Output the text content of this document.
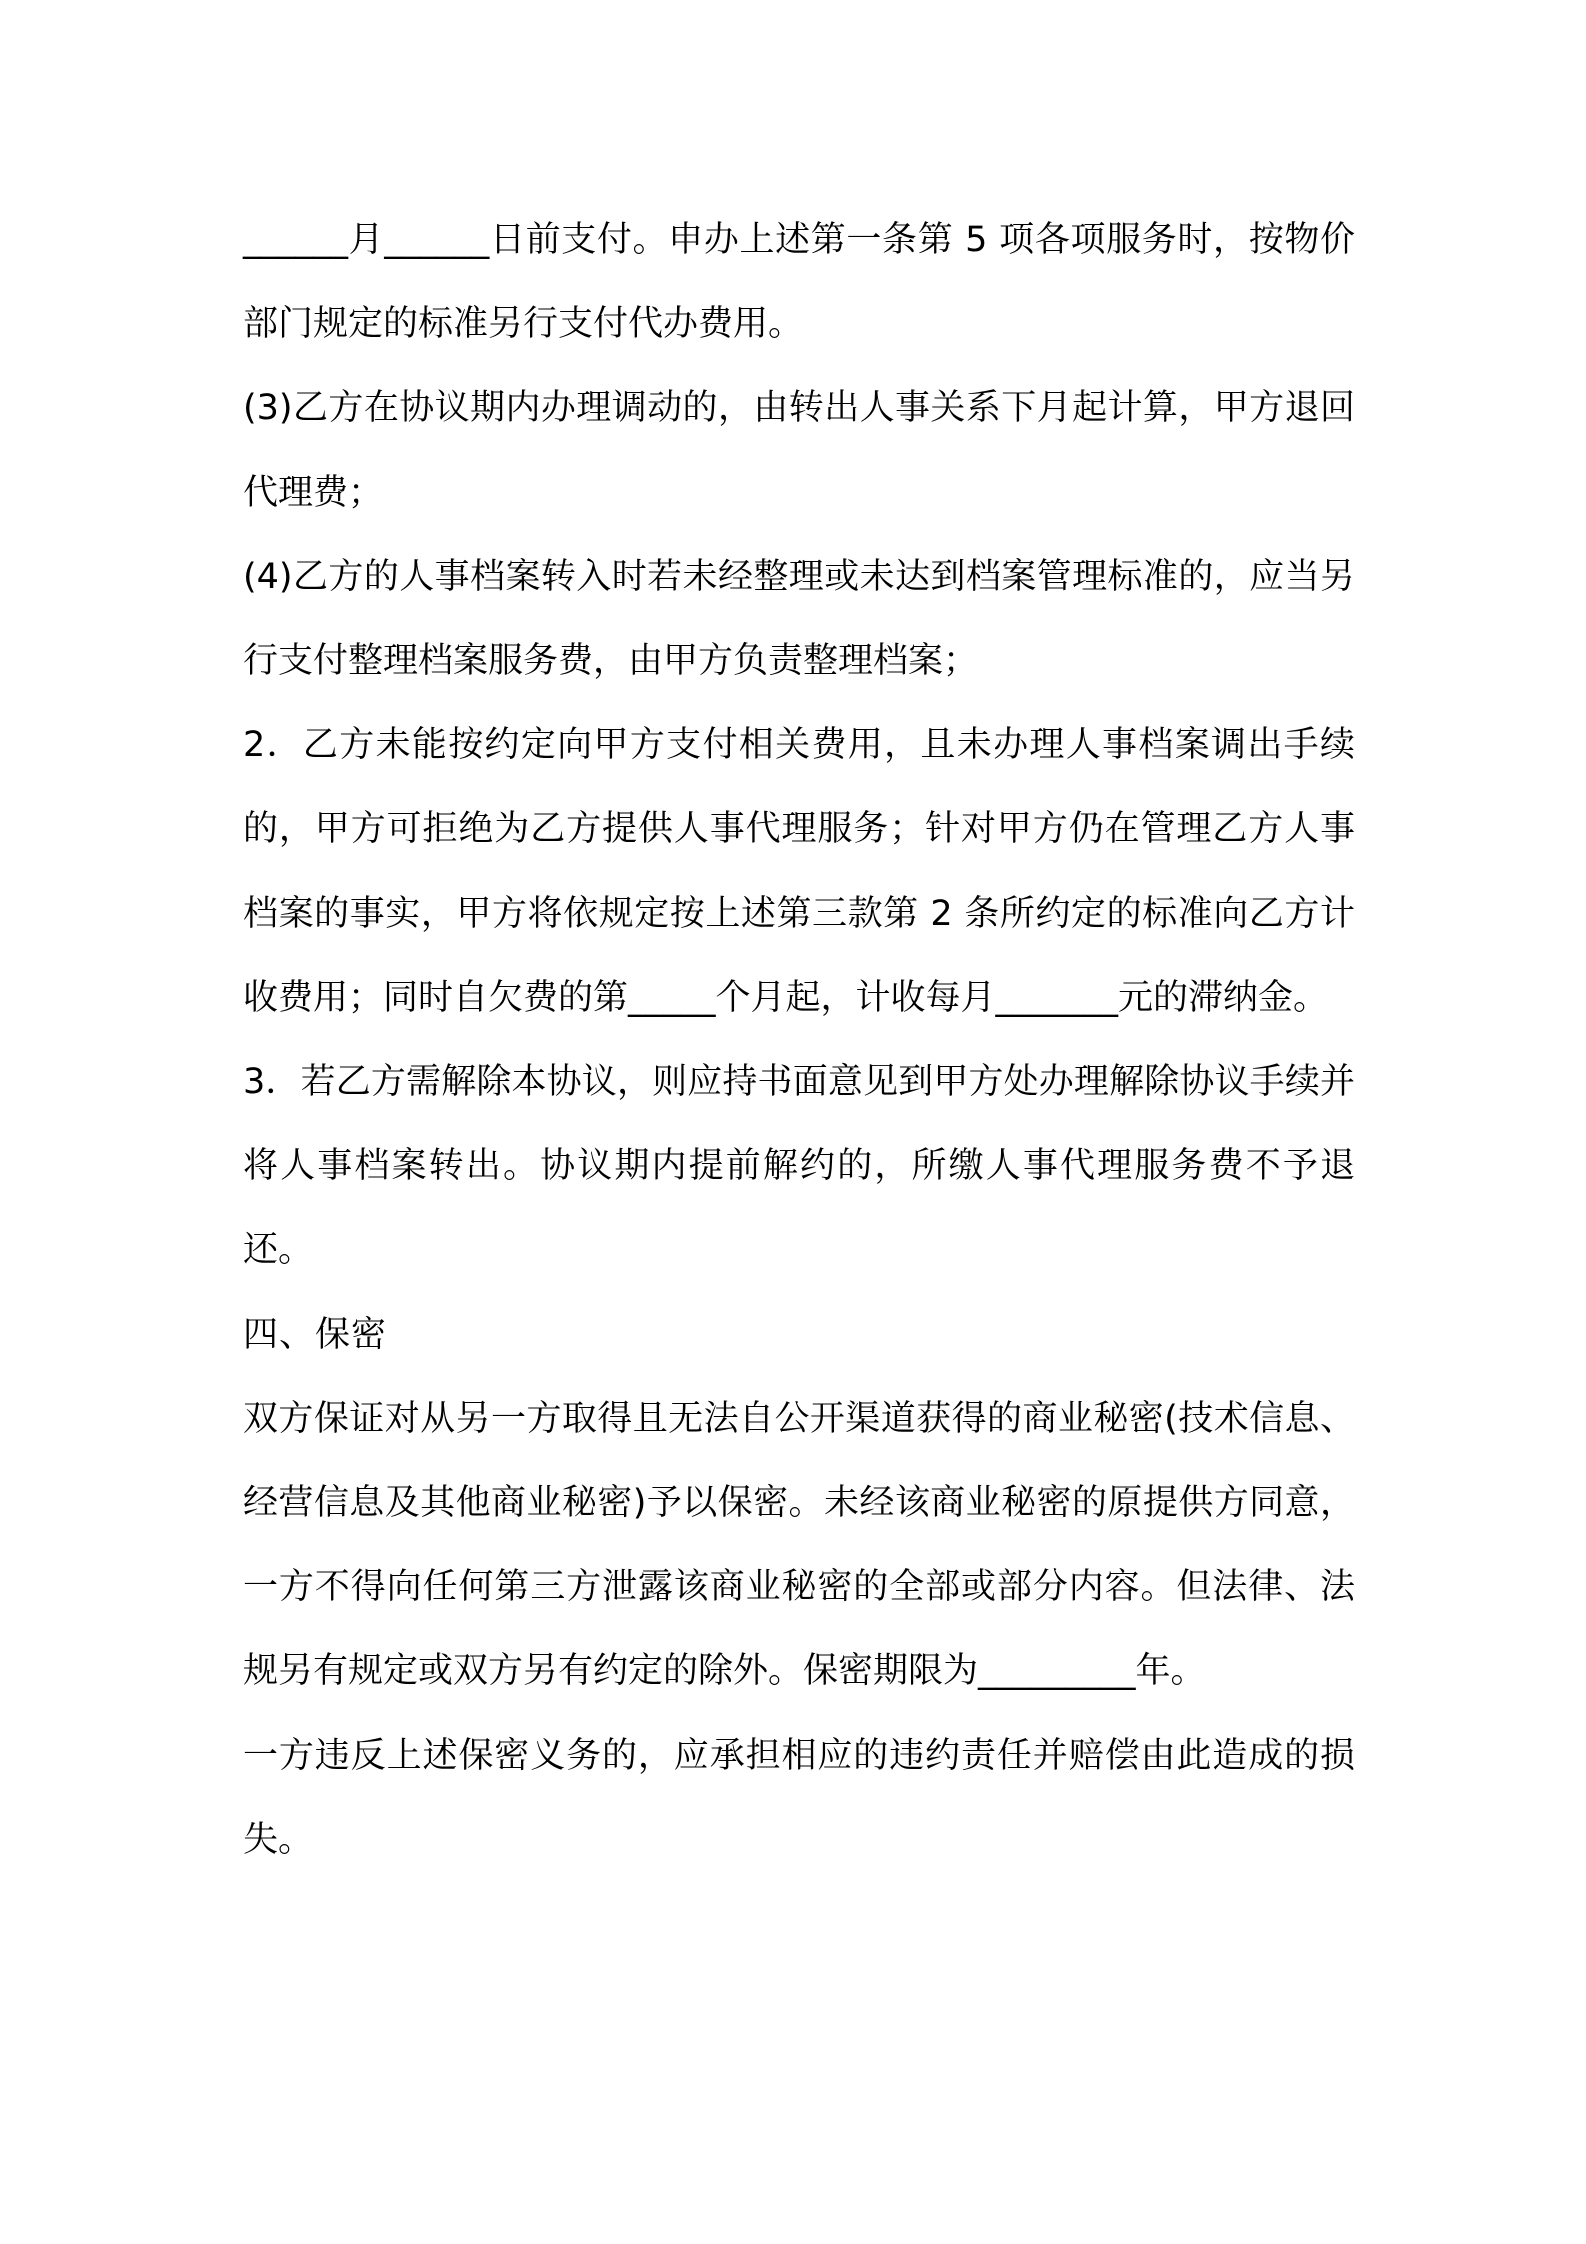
______月______日前支付。申办上述第一条第 5 项各项服务时，按物价部门规定的标准另行支付代办费用。

(3)乙方在协议期内办理调动的，由转出人事关系下月起计算，甲方退回代理费；

(4)乙方的人事档案转入时若未经整理或未达到档案管理标准的，应当另行支付整理档案服务费，由甲方负责整理档案；

2．乙方未能按约定向甲方支付相关费用，且未办理人事档案调出手续的，甲方可拒绝为乙方提供人事代理服务；针对甲方仍在管理乙方人事档案的事实，甲方将依规定按上述第三款第 2 条所约定的标准向乙方计收费用；同时自欠费的第_____个月起，计收每月_______元的滞纳金。

3．若乙方需解除本协议，则应持书面意见到甲方处办理解除协议手续并将人事档案转出。协议期内提前解约的，所缴人事代理服务费不予退还。

四、保密

双方保证对从另一方取得且无法自公开渠道获得的商业秘密(技术信息、经营信息及其他商业秘密)予以保密。未经该商业秘密的原提供方同意，一方不得向任何第三方泄露该商业秘密的全部或部分内容。但法律、法规另有规定或双方另有约定的除外。保密期限为_________年。

一方违反上述保密义务的，应承担相应的违约责任并赔偿由此造成的损失。
